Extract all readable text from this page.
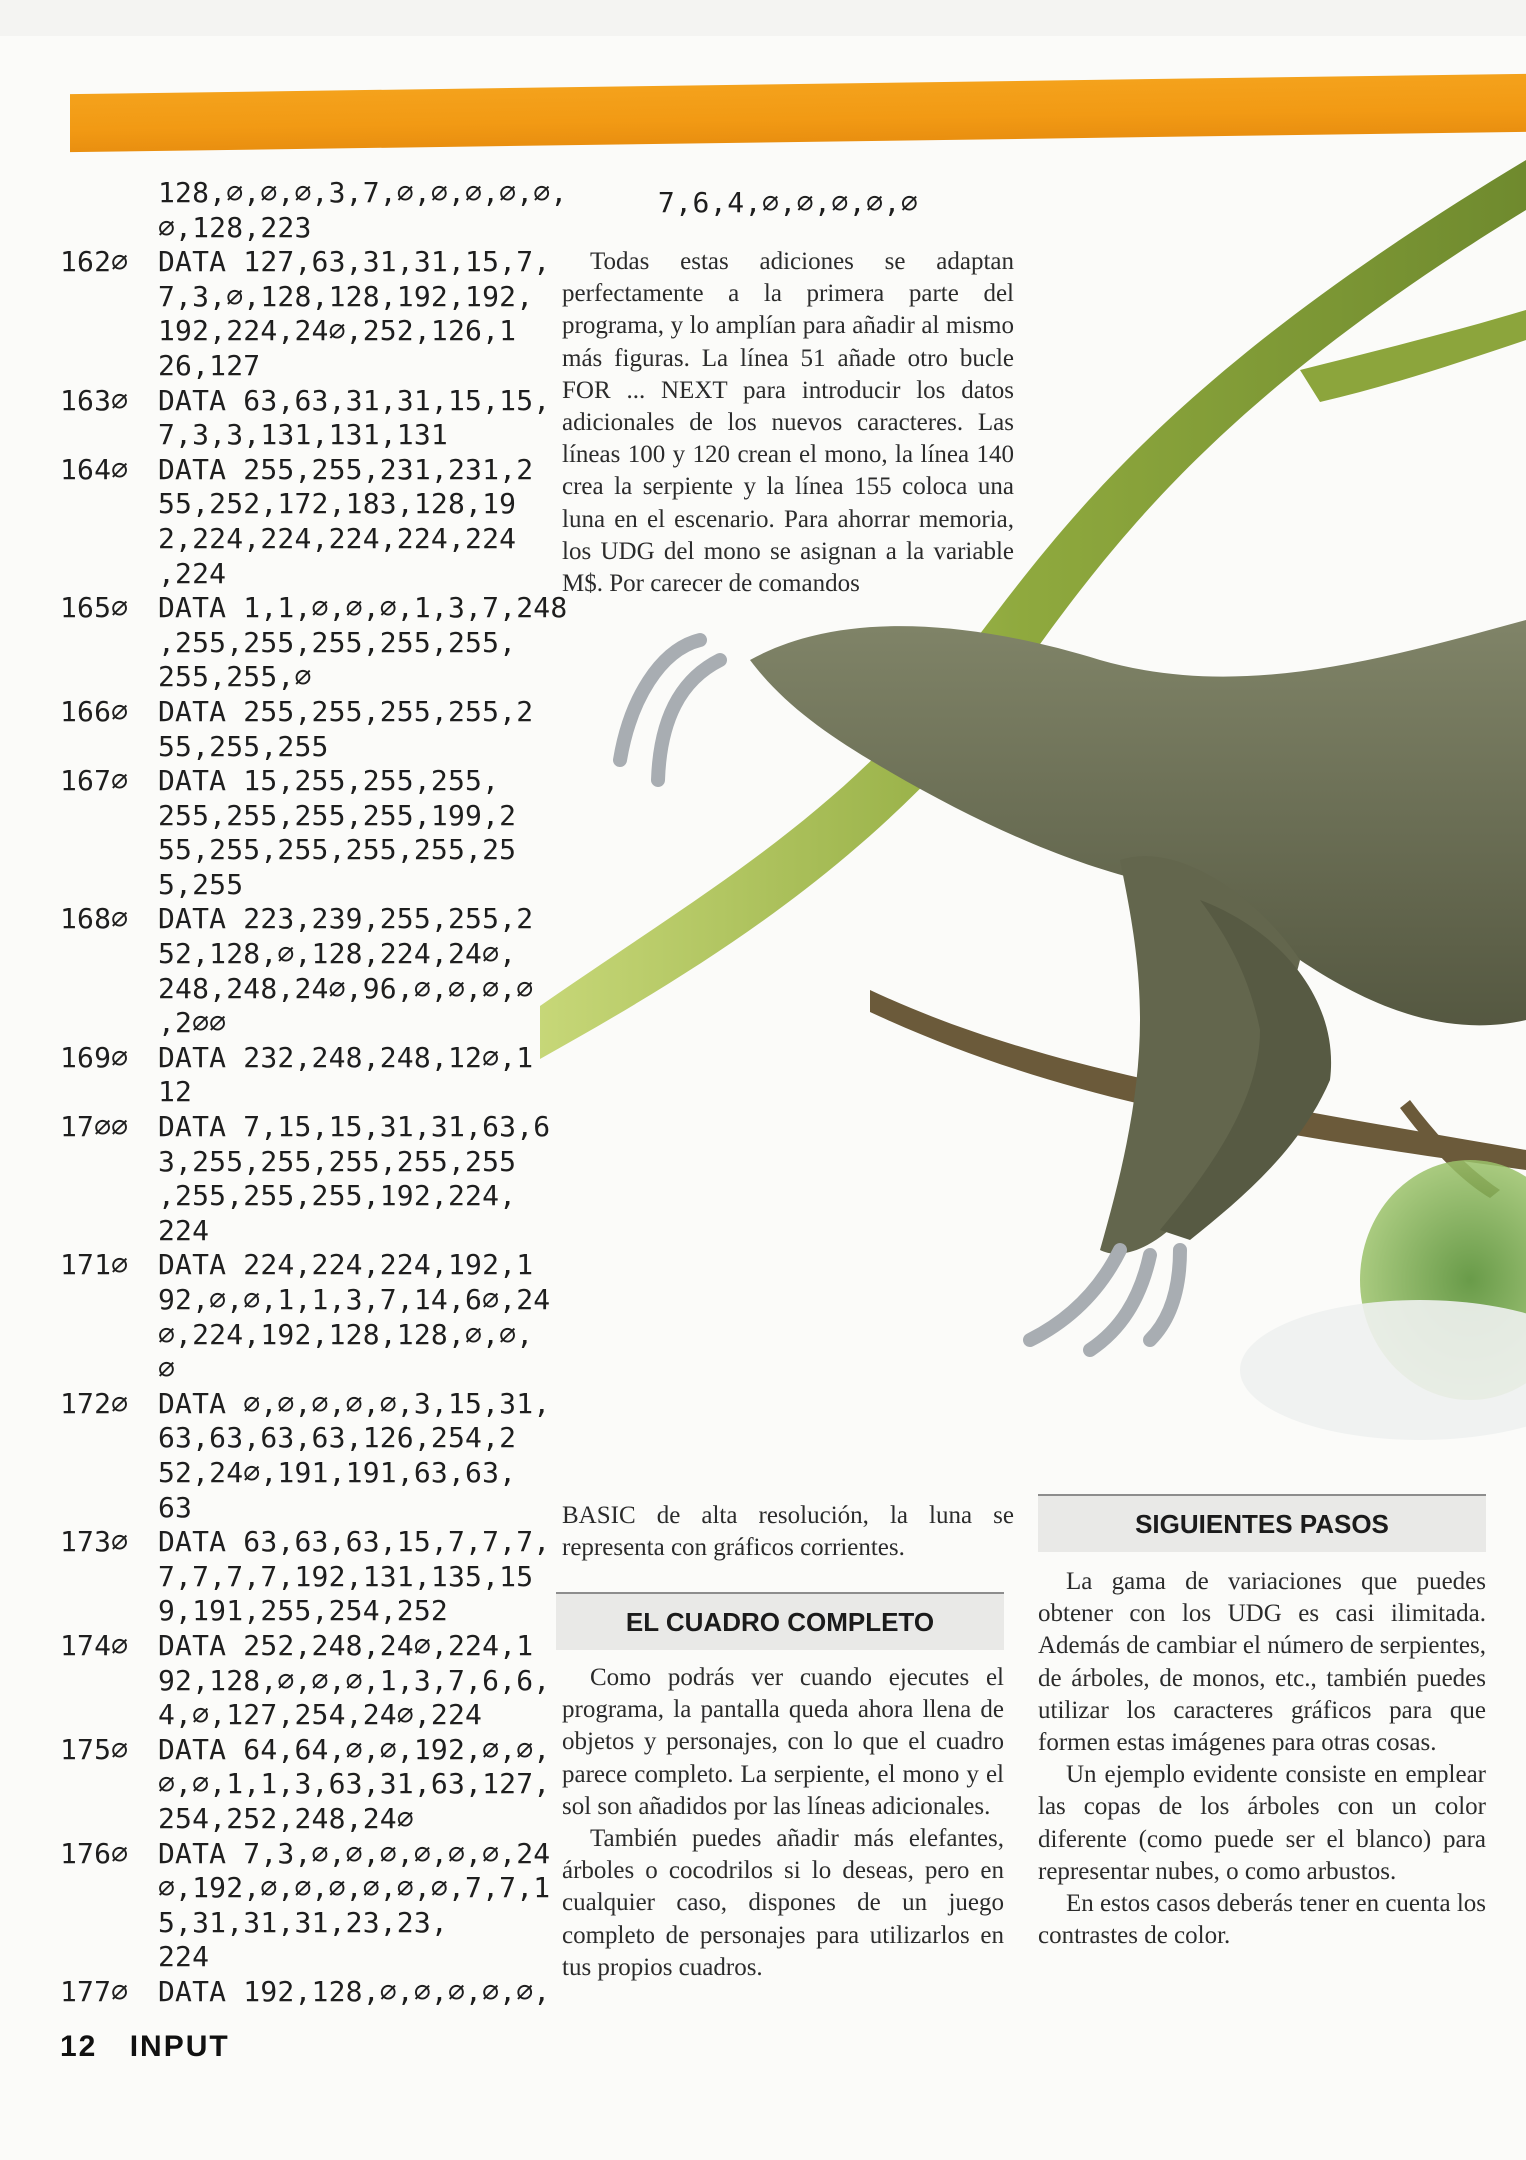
128,∅,∅,∅,3,7,∅,∅,∅,∅,∅,
∅,128,223
162∅	DATA 127,63,31,31,15,7,
7,3,∅,128,128,192,192,
192,224,24∅,252,126,1
26,127
163∅	DATA 63,63,31,31,15,15,
7,3,3,131,131,131
164∅	DATA 255,255,231,231,2
55,252,172,183,128,19
2,224,224,224,224,224
,224
165∅	DATA 1,1,∅,∅,∅,1,3,7,248
,255,255,255,255,255,
255,255,∅
166∅	DATA 255,255,255,255,2
55,255,255
167∅	DATA 15,255,255,255,
255,255,255,255,199,2
55,255,255,255,255,25
5,255
168∅	DATA 223,239,255,255,2
52,128,∅,128,224,24∅,
248,248,24∅,96,∅,∅,∅,∅
,2∅∅
169∅	DATA 232,248,248,12∅,1
12
17∅∅	DATA 7,15,15,31,31,63,6
3,255,255,255,255,255
,255,255,255,192,224,
224
171∅	DATA 224,224,224,192,1
92,∅,∅,1,1,3,7,14,6∅,24
∅,224,192,128,128,∅,∅,
∅
172∅	DATA ∅,∅,∅,∅,∅,3,15,31,
63,63,63,63,126,254,2
52,24∅,191,191,63,63,
63
173∅	DATA 63,63,63,15,7,7,7,
7,7,7,7,192,131,135,15
9,191,255,254,252
174∅	DATA 252,248,24∅,224,1
92,128,∅,∅,∅,1,3,7,6,6,
4,∅,127,254,24∅,224
175∅	DATA 64,64,∅,∅,192,∅,∅,
∅,∅,1,1,3,63,31,63,127,
254,252,248,24∅
176∅	DATA 7,3,∅,∅,∅,∅,∅,∅,24
∅,192,∅,∅,∅,∅,∅,∅,7,7,1
5,31,31,31,23,23,
224
177∅	DATA 192,128,∅,∅,∅,∅,∅,
7,6,4,∅,∅,∅,∅,∅

Todas estas adiciones se adaptan perfectamente a la primera parte del programa, y lo amplían para añadir al mismo más figuras. La línea 51 añade otro bucle FOR ... NEXT para introducir los datos adicionales de los nuevos caracteres. Las líneas 100 y 120 crean el mono, la línea 140 crea la serpiente y la línea 155 coloca una luna en el escenario. Para ahorrar memoria, los UDG del mono se asignan a la variable M$. Por carecer de comandos

BASIC de alta resolución, la luna se representa con gráficos corrientes.

EL CUADRO COMPLETO

Como podrás ver cuando ejecutes el programa, la pantalla queda ahora llena de objetos y personajes, con lo que el cuadro parece completo. La serpiente, el mono y el sol son añadidos por las líneas adicionales.

También puedes añadir más elefantes, árboles o cocodrilos si lo deseas, pero en cualquier caso, dispones de un juego completo de personajes para utilizarlos en tus propios cuadros.

SIGUIENTES PASOS

La gama de variaciones que puedes obtener con los UDG es casi ilimitada. Además de cambiar el número de serpientes, de árboles, de monos, etc., también puedes utilizar los caracteres gráficos para que formen estas imágenes para otras cosas.

Un ejemplo evidente consiste en emplear las copas de los árboles con un color diferente (como puede ser el blanco) para representar nubes, o como arbustos.

En estos casos deberás tener en cuenta los contrastes de color.

12 INPUT
